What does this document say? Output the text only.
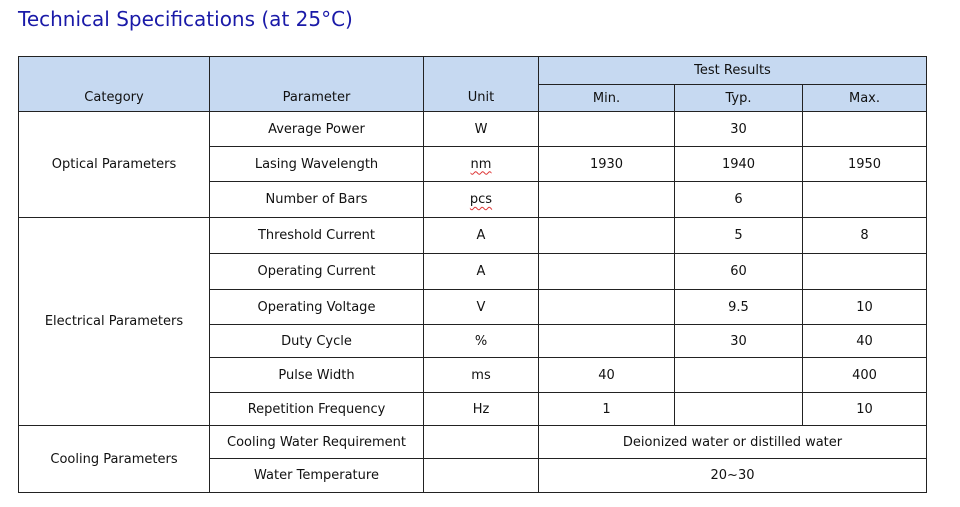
Technical Specifications (at 25°C)
Category	Parameter	Unit	Test Results		
			Min.	Typ.	Max.
Optical Parameters	Average Power	W		30	
	Lasing Wavelength	nm	1930	1940	1950
	Number of Bars	pcs		6	
Electrical Parameters	Threshold Current	A		5	8
	Operating Current	A		60	
	Operating Voltage	V		9.5	10
	Duty Cycle	%		30	40
	Pulse Width	ms	40		400
	Repetition Frequency	Hz	1		10
Cooling Parameters	Cooling Water Requirement		Deionized water or distilled water		
	Water Temperature		20~30		
